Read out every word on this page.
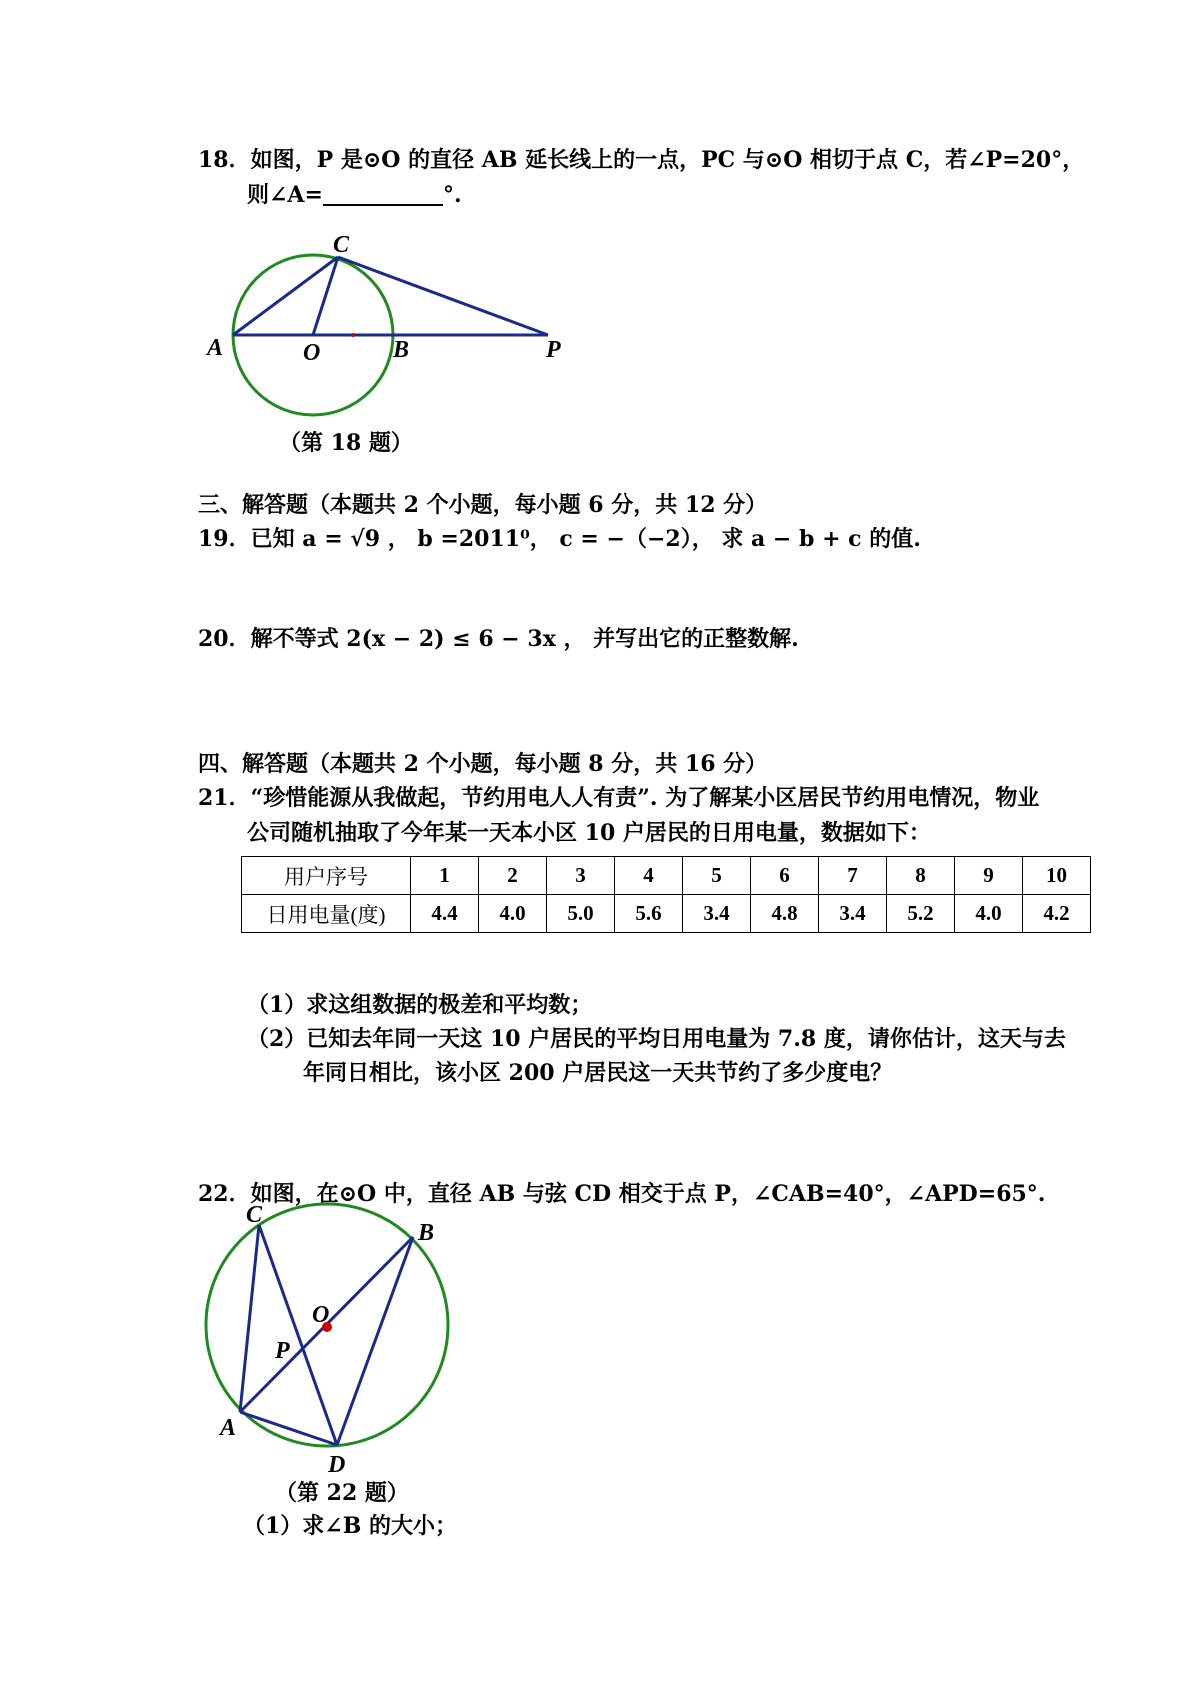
18．如图，P 是⊙O 的直径 AB 延长线上的一点，PC 与⊙O 相切于点 C，若∠P=20°，
则∠A=	°.
C
A	O	B	P
（第 18 题）
三、解答题（本题共 2 个小题，每小题 6 分，共 12 分）
19．已知 a = √9 ， b =2011⁰， c = −（−2）， 求 a − b + c 的值.
20．解不等式 2(x − 2) ≤ 6 − 3x ， 并写出它的正整数解.
四、解答题（本题共 2 个小题，每小题 8 分，共 16 分）
21．“珍惜能源从我做起，节约用电人人有责”. 为了解某小区居民节约用电情况，物业
公司随机抽取了今年某一天本小区 10 户居民的日用电量，数据如下：
用户序号	1	2	3	4	5	6	7	8	9	10
日用电量(度)	4.4	4.0	5.0	5.6	3.4	4.8	3.4	5.2	4.0	4.2
（1）求这组数据的极差和平均数；
（2）已知去年同一天这 10 户居民的平均日用电量为 7.8 度，请你估计，这天与去
年同日相比，该小区 200 户居民这一天共节约了多少度电？
22．如图，在⊙O 中，直径 AB 与弦 CD 相交于点 P，∠CAB=40°，∠APD=65°.
C
B
O
P
A
D
（第 22 题）
（1）求∠B 的大小；
